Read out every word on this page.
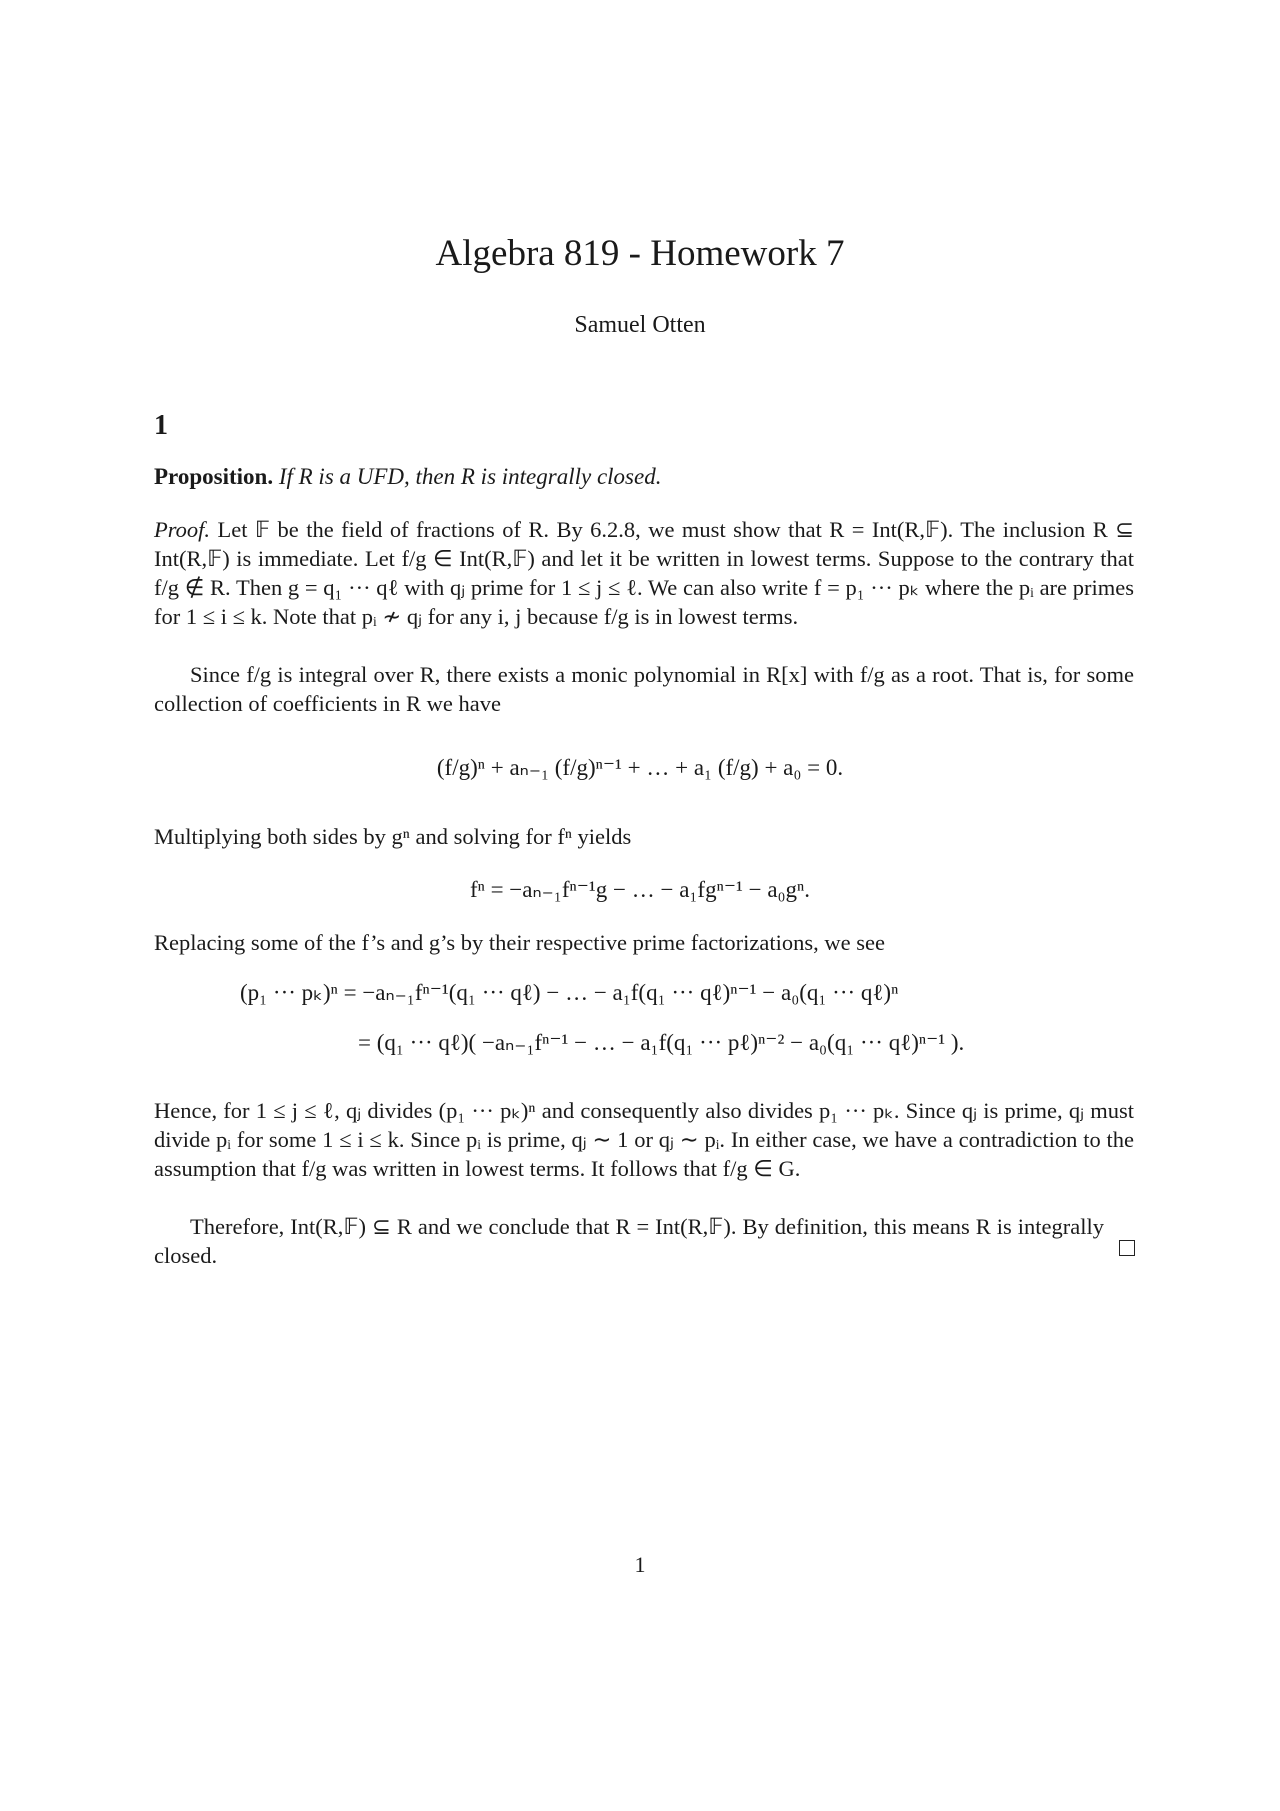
Algebra 819 - Homework 7
Samuel Otten
1
Proposition. If R is a UFD, then R is integrally closed.
Proof. Let 𝔽 be the field of fractions of R. By 6.2.8, we must show that R = Int(R,𝔽). The inclusion R ⊆ Int(R,𝔽) is immediate. Let f/g ∈ Int(R,𝔽) and let it be written in lowest terms. Suppose to the contrary that f/g ∉ R. Then g = q₁ ··· qℓ with qⱼ prime for 1 ≤ j ≤ ℓ. We can also write f = p₁ ··· pₖ where the pᵢ are primes for 1 ≤ i ≤ k. Note that pᵢ ≁ qⱼ for any i, j because f/g is in lowest terms.
Since f/g is integral over R, there exists a monic polynomial in R[x] with f/g as a root. That is, for some collection of coefficients in R we have
(f/g)ⁿ + aₙ₋₁ (f/g)ⁿ⁻¹ + … + a₁ (f/g) + a₀ = 0.
Multiplying both sides by gⁿ and solving for fⁿ yields
fⁿ = −aₙ₋₁fⁿ⁻¹g − … − a₁fgⁿ⁻¹ − a₀gⁿ.
Replacing some of the f’s and g’s by their respective prime factorizations, we see
(p₁ ··· pₖ)ⁿ = −aₙ₋₁fⁿ⁻¹(q₁ ··· qℓ) − … − a₁f(q₁ ··· qℓ)ⁿ⁻¹ − a₀(q₁ ··· qℓ)ⁿ
= (q₁ ··· qℓ)( −aₙ₋₁fⁿ⁻¹ − … − a₁f(q₁ ··· pℓ)ⁿ⁻² − a₀(q₁ ··· qℓ)ⁿ⁻¹ ).
Hence, for 1 ≤ j ≤ ℓ, qⱼ divides (p₁ ··· pₖ)ⁿ and consequently also divides p₁ ··· pₖ. Since qⱼ is prime, qⱼ must divide pᵢ for some 1 ≤ i ≤ k. Since pᵢ is prime, qⱼ ∼ 1 or qⱼ ∼ pᵢ. In either case, we have a contradiction to the assumption that f/g was written in lowest terms. It follows that f/g ∈ G.
Therefore, Int(R,𝔽) ⊆ R and we conclude that R = Int(R,𝔽). By definition, this means R is integrally closed.
1
